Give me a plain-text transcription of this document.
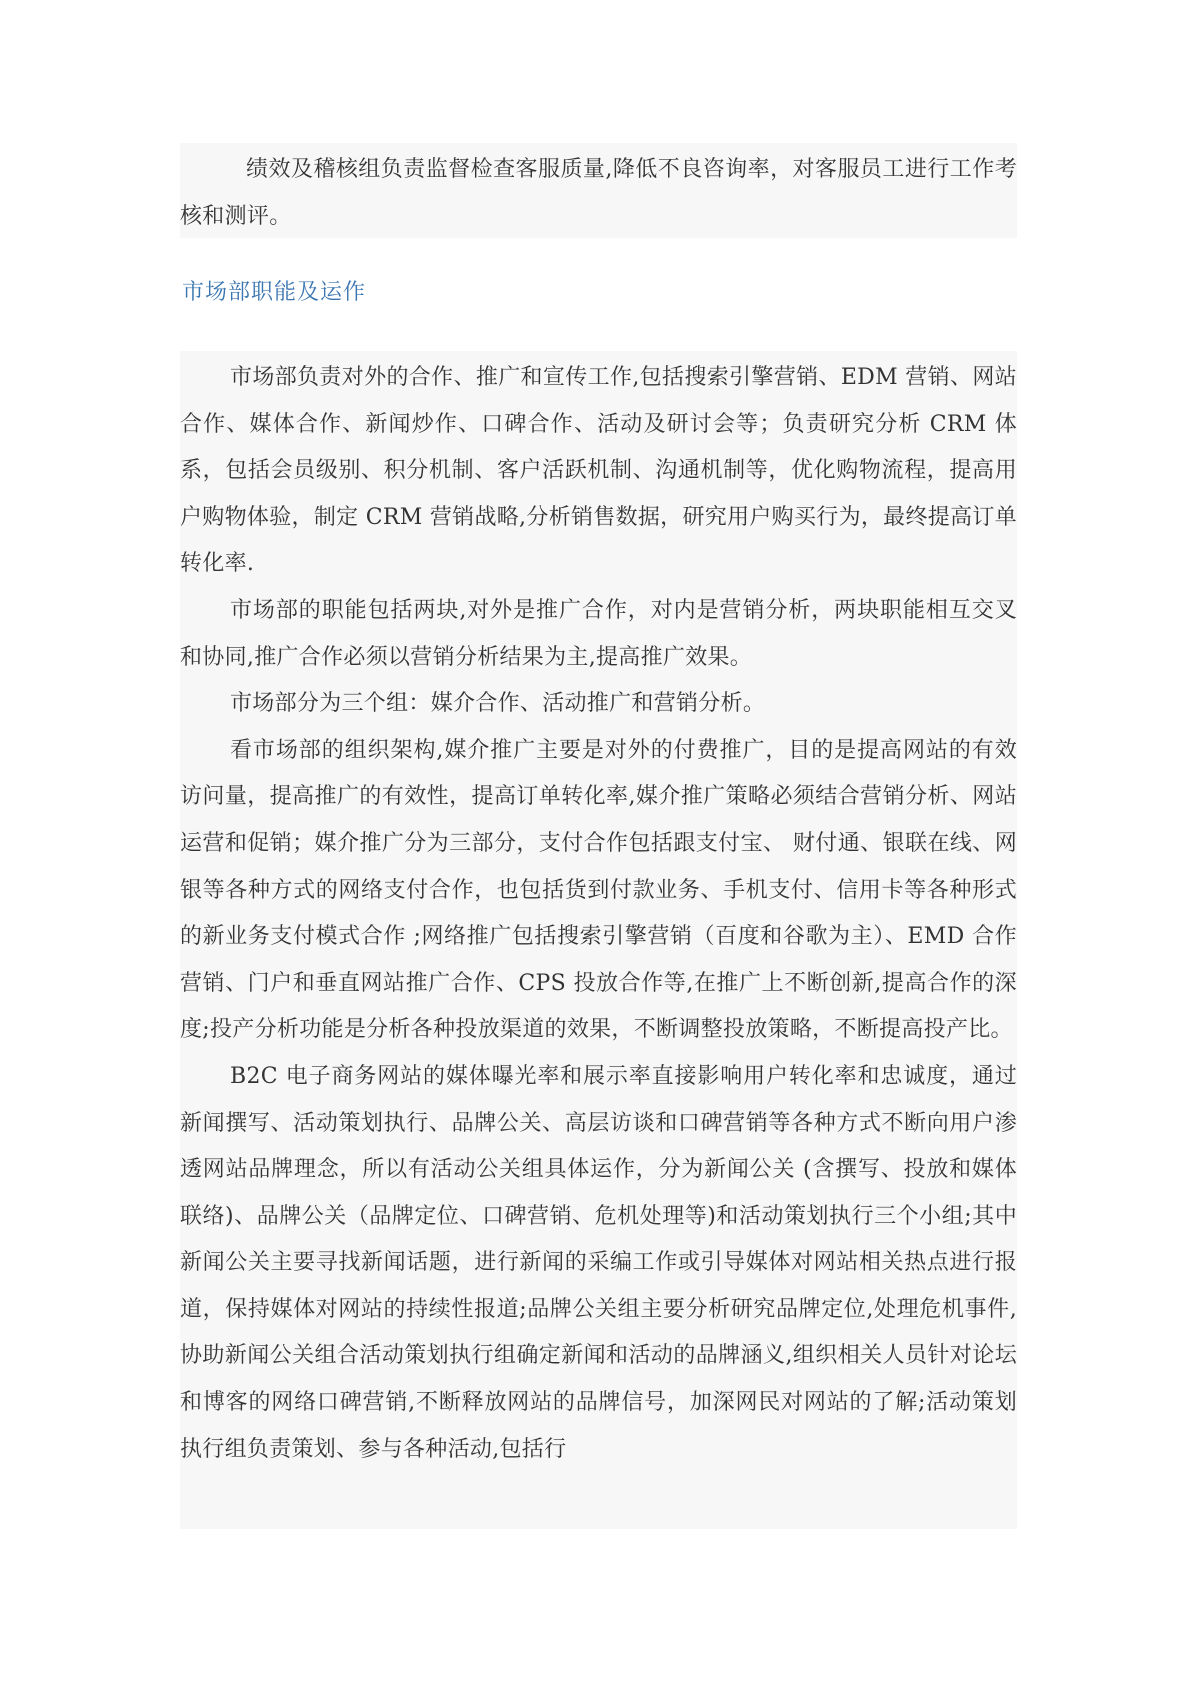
绩效及稽核组负责监督检查客服质量,降低不良咨询率，对客服员工进行工作考核和测评。

市场部职能及运作

市场部负责对外的合作、推广和宣传工作,包括搜索引擎营销、EDM 营销、网站合作、媒体合作、新闻炒作、口碑合作、活动及研讨会等；负责研究分析 CRM 体系，包括会员级别、积分机制、客户活跃机制、沟通机制等，优化购物流程，提高用户购物体验，制定 CRM 营销战略,分析销售数据，研究用户购买行为，最终提高订单转化率.

市场部的职能包括两块,对外是推广合作，对内是营销分析，两块职能相互交叉和协同,推广合作必须以营销分析结果为主,提高推广效果。

市场部分为三个组：媒介合作、活动推广和营销分析。

看市场部的组织架构,媒介推广主要是对外的付费推广，目的是提高网站的有效访问量，提高推广的有效性，提高订单转化率,媒介推广策略必须结合营销分析、网站运营和促销；媒介推广分为三部分，支付合作包括跟支付宝、 财付通、银联在线、网银等各种方式的网络支付合作，也包括货到付款业务、手机支付、信用卡等各种形式的新业务支付模式合作 ;网络推广包括搜索引擎营销（百度和谷歌为主）、EMD 合作营销、门户和垂直网站推广合作、CPS 投放合作等,在推广上不断创新,提高合作的深度;投产分析功能是分析各种投放渠道的效果，不断调整投放策略，不断提高投产比。

B2C 电子商务网站的媒体曝光率和展示率直接影响用户转化率和忠诚度，通过新闻撰写、活动策划执行、品牌公关、高层访谈和口碑营销等各种方式不断向用户渗透网站品牌理念，所以有活动公关组具体运作，分为新闻公关 (含撰写、投放和媒体联络)、品牌公关（品牌定位、口碑营销、危机处理等)和活动策划执行三个小组;其中新闻公关主要寻找新闻话题，进行新闻的采编工作或引导媒体对网站相关热点进行报道，保持媒体对网站的持续性报道;品牌公关组主要分析研究品牌定位,处理危机事件,协助新闻公关组合活动策划执行组确定新闻和活动的品牌涵义,组织相关人员针对论坛和博客的网络口碑营销,不断释放网站的品牌信号，加深网民对网站的了解;活动策划执行组负责策划、参与各种活动,包括行
